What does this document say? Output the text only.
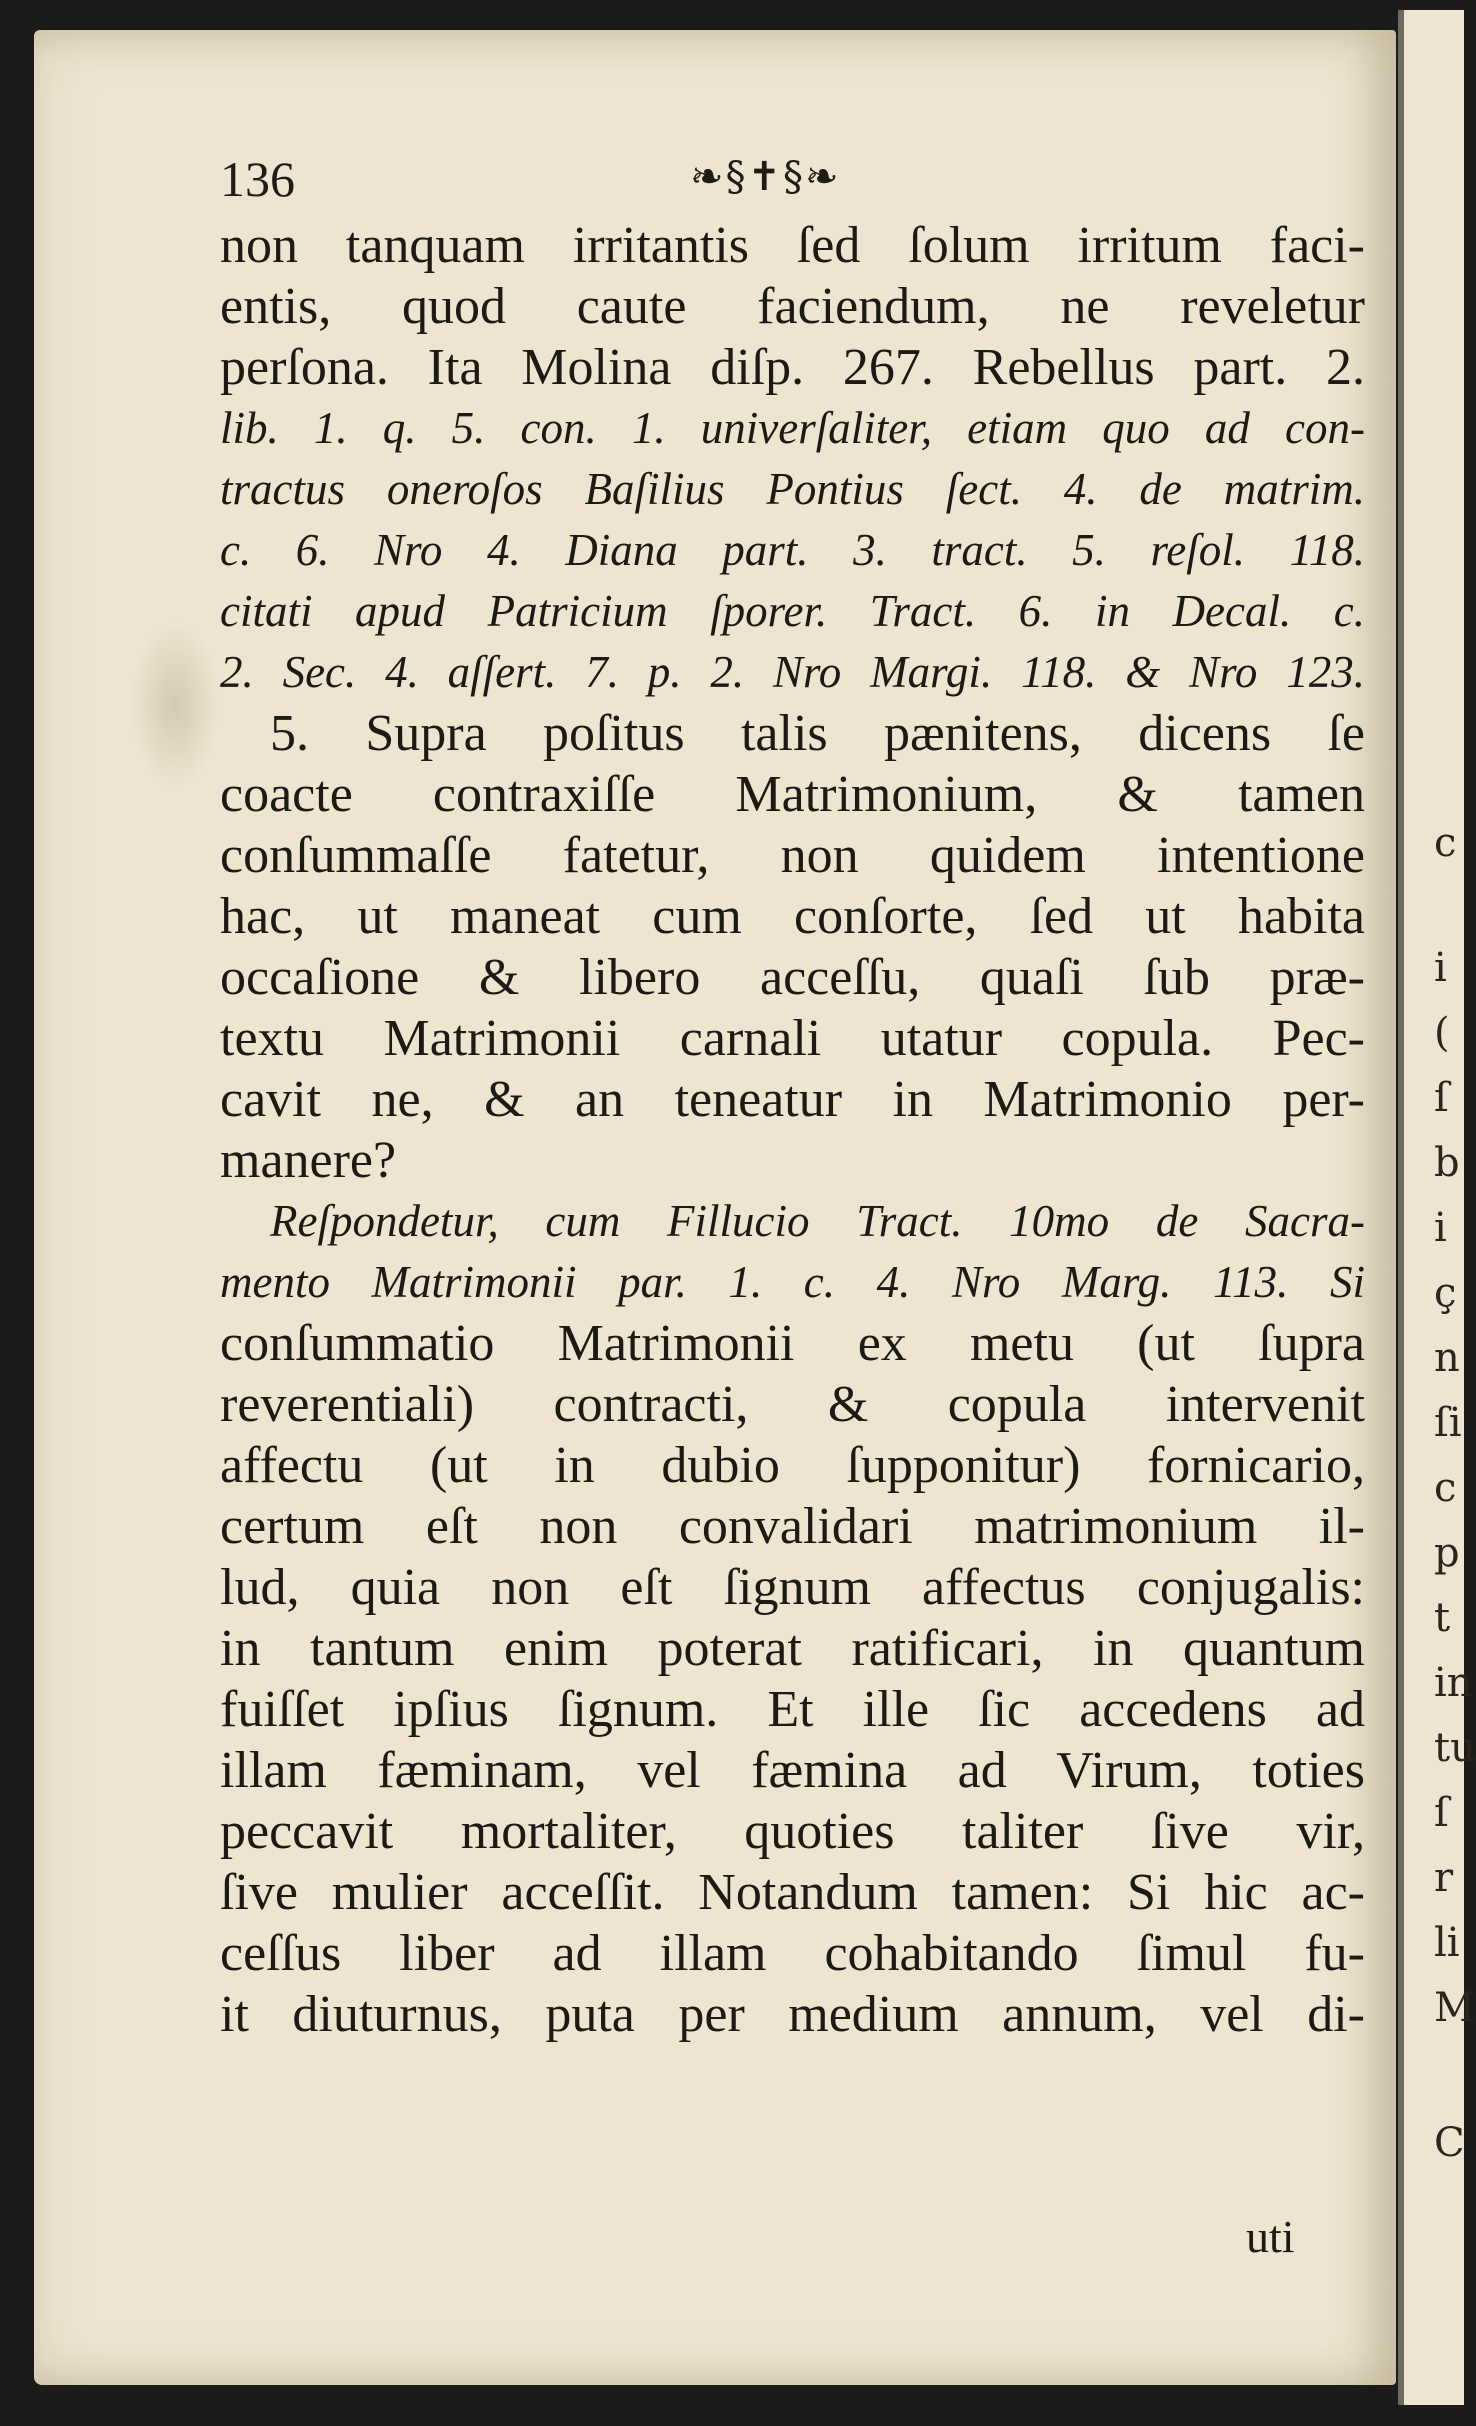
c
i
(
ſ
b
i
ç
n
ſi
c
p
t
in
tu
ſ
r
li
M
C
136	❧§✝§❧
non tanquam irritantis ſed ſolum irritum faci-
entis, quod caute faciendum, ne reveletur
perſona. Ita Molina diſp. 267. Rebellus part. 2.
lib. 1. q. 5. con. 1. univerſaliter, etiam quo ad con-
tractus oneroſos Baſilius Pontius ſect. 4. de matrim.
c. 6. Nro 4. Diana part. 3. tract. 5. reſol. 118.
citati apud Patricium ſporer. Tract. 6. in Decal. c.
2. Sec. 4. aſſert. 7. p. 2. Nro Margi. 118. & Nro 123.
5. Supra poſitus talis pænitens, dicens ſe
coacte contraxiſſe Matrimonium, & tamen
conſummaſſe fatetur, non quidem intentione
hac, ut maneat cum conſorte, ſed ut habita
occaſione & libero acceſſu, quaſi ſub præ-
textu Matrimonii carnali utatur copula. Pec-
cavit ne, & an teneatur in Matrimonio per-
manere?
Reſpondetur, cum Fillucio Tract. 10mo de Sacra-
mento Matrimonii par. 1. c. 4. Nro Marg. 113. Si
conſummatio Matrimonii ex metu (ut ſupra
reverentiali) contracti, & copula intervenit
affectu (ut in dubio ſupponitur) fornicario,
certum eſt non convalidari matrimonium il-
lud, quia non eſt ſignum affectus conjugalis:
in tantum enim poterat ratificari, in quantum
fuiſſet ipſius ſignum. Et ille ſic accedens ad
illam fæminam, vel fæmina ad Virum, toties
peccavit mortaliter, quoties taliter ſive vir,
ſive mulier acceſſit. Notandum tamen: Si hic ac-
ceſſus liber ad illam cohabitando ſimul fu-
it diuturnus, puta per medium annum, vel di-
uti
